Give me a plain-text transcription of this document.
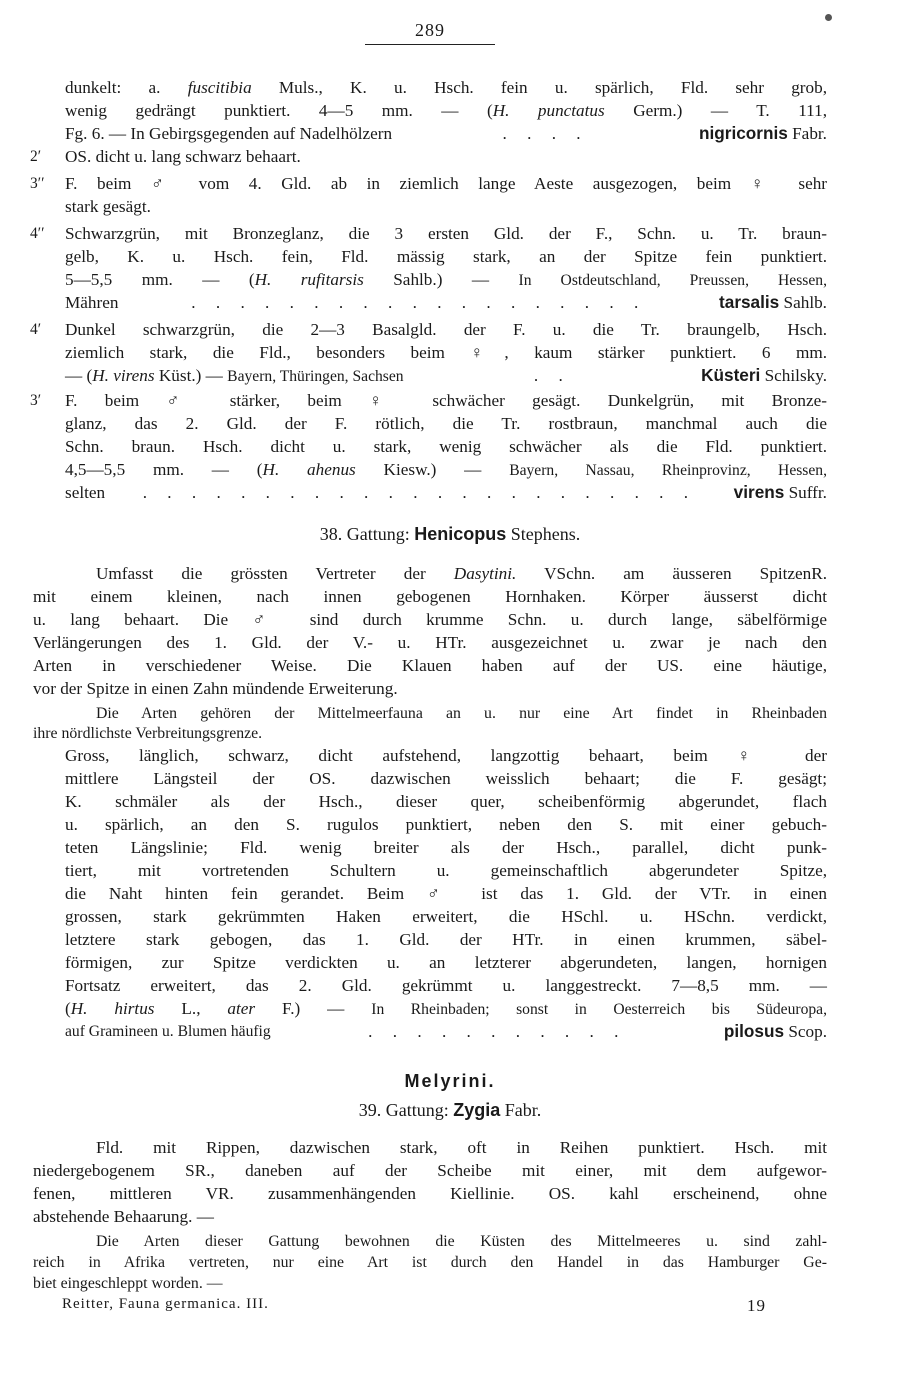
289
dunkelt: a. fuscitibia Muls., K. u. Hsch. fein u. spärlich, Fld. sehr grob,
wenig gedrängt punktiert. 4—5 mm. — (H. punctatus Germ.) — T. 111,
Fg. 6. — In Gebirgsgegenden auf Nadelhölzern	. . . .	nigricornis Fabr.
2′	OS. dicht u. lang schwarz behaart.
3′′	F. beim ♂ vom 4. Gld. ab in ziemlich lange Aeste ausgezogen, beim ♀ sehr
stark gesägt.
4′′	Schwarzgrün, mit Bronzeglanz, die 3 ersten Gld. der F., Schn. u. Tr. braun-
gelb, K. u. Hsch. fein, Fld. mässig stark, an der Spitze fein punktiert.
5—5,5 mm. — (H. rufitarsis Sahlb.) — In Ostdeutschland, Preussen, Hessen,
Mähren	. . . . . . . . . . . . . . . . . . .	tarsalis Sahlb.
4′	Dunkel schwarzgrün, die 2—3 Basalgld. der F. u. die Tr. braungelb, Hsch.
ziemlich stark, die Fld., besonders beim ♀, kaum stärker punktiert. 6 mm.
— (H. virens Küst.) — Bayern, Thüringen, Sachsen	. .	Küsteri Schilsky.
3′	F. beim ♂ stärker, beim ♀ schwächer gesägt. Dunkelgrün, mit Bronze-
glanz, das 2. Gld. der F. rötlich, die Tr. rostbraun, manchmal auch die
Schn. braun. Hsch. dicht u. stark, wenig schwächer als die Fld. punktiert.
4,5—5,5 mm. — (H. ahenus Kiesw.) — Bayern, Nassau, Rheinprovinz, Hessen,
selten . . . . . . . . . . . . . . . . . . . . . . . virens Suffr.
38. Gattung: Henicopus Stephens.
Umfasst die grössten Vertreter der Dasytini. VSchn. am äusseren SpitzenR.
mit einem kleinen, nach innen gebogenen Hornhaken. Körper äusserst dicht
u. lang behaart. Die ♂ sind durch krumme Schn. u. durch lange, säbelförmige
Verlängerungen des 1. Gld. der V.- u. HTr. ausgezeichnet u. zwar je nach den
Arten in verschiedener Weise. Die Klauen haben auf der US. eine häutige,
vor der Spitze in einen Zahn mündende Erweiterung.
Die Arten gehören der Mittelmeerfauna an u. nur eine Art findet in Rheinbaden
ihre nördlichste Verbreitungsgrenze.
Gross, länglich, schwarz, dicht aufstehend, langzottig behaart, beim ♀ der
mittlere Längsteil der OS. dazwischen weisslich behaart; die F. gesägt;
K. schmäler als der Hsch., dieser quer, scheibenförmig abgerundet, flach
u. spärlich, an den S. rugulos punktiert, neben den S. mit einer gebuch-
teten Längslinie; Fld. wenig breiter als der Hsch., parallel, dicht punk-
tiert, mit vortretenden Schultern u. gemeinschaftlich abgerundeter Spitze,
die Naht hinten fein gerandet. Beim ♂ ist das 1. Gld. der VTr. in einen
grossen, stark gekrümmten Haken erweitert, die HSchl. u. HSchn. verdickt,
letztere stark gebogen, das 1. Gld. der HTr. in einen krummen, säbel-
förmigen, zur Spitze verdickten u. an letzterer abgerundeten, langen, hornigen
Fortsatz erweitert, das 2. Gld. gekrümmt u. langgestreckt. 7—8,5 mm. —
(H. hirtus L., ater F.) — In Rheinbaden; sonst in Oesterreich bis Südeuropa,
auf Gramineen u. Blumen häufig	. . . . . . . . . . .	pilosus Scop.
Melyrini.
39. Gattung: Zygia Fabr.
Fld. mit Rippen, dazwischen stark, oft in Reihen punktiert. Hsch. mit
niedergebogenem SR., daneben auf der Scheibe mit einer, mit dem aufgewor-
fenen, mittleren VR. zusammenhängenden Kiellinie. OS. kahl erscheinend, ohne
abstehende Behaarung. —
Die Arten dieser Gattung bewohnen die Küsten des Mittelmeeres u. sind zahl-
reich in Afrika vertreten, nur eine Art ist durch den Handel in das Hamburger Ge-
biet eingeschleppt worden. —
Reitter, Fauna germanica. III.	19
